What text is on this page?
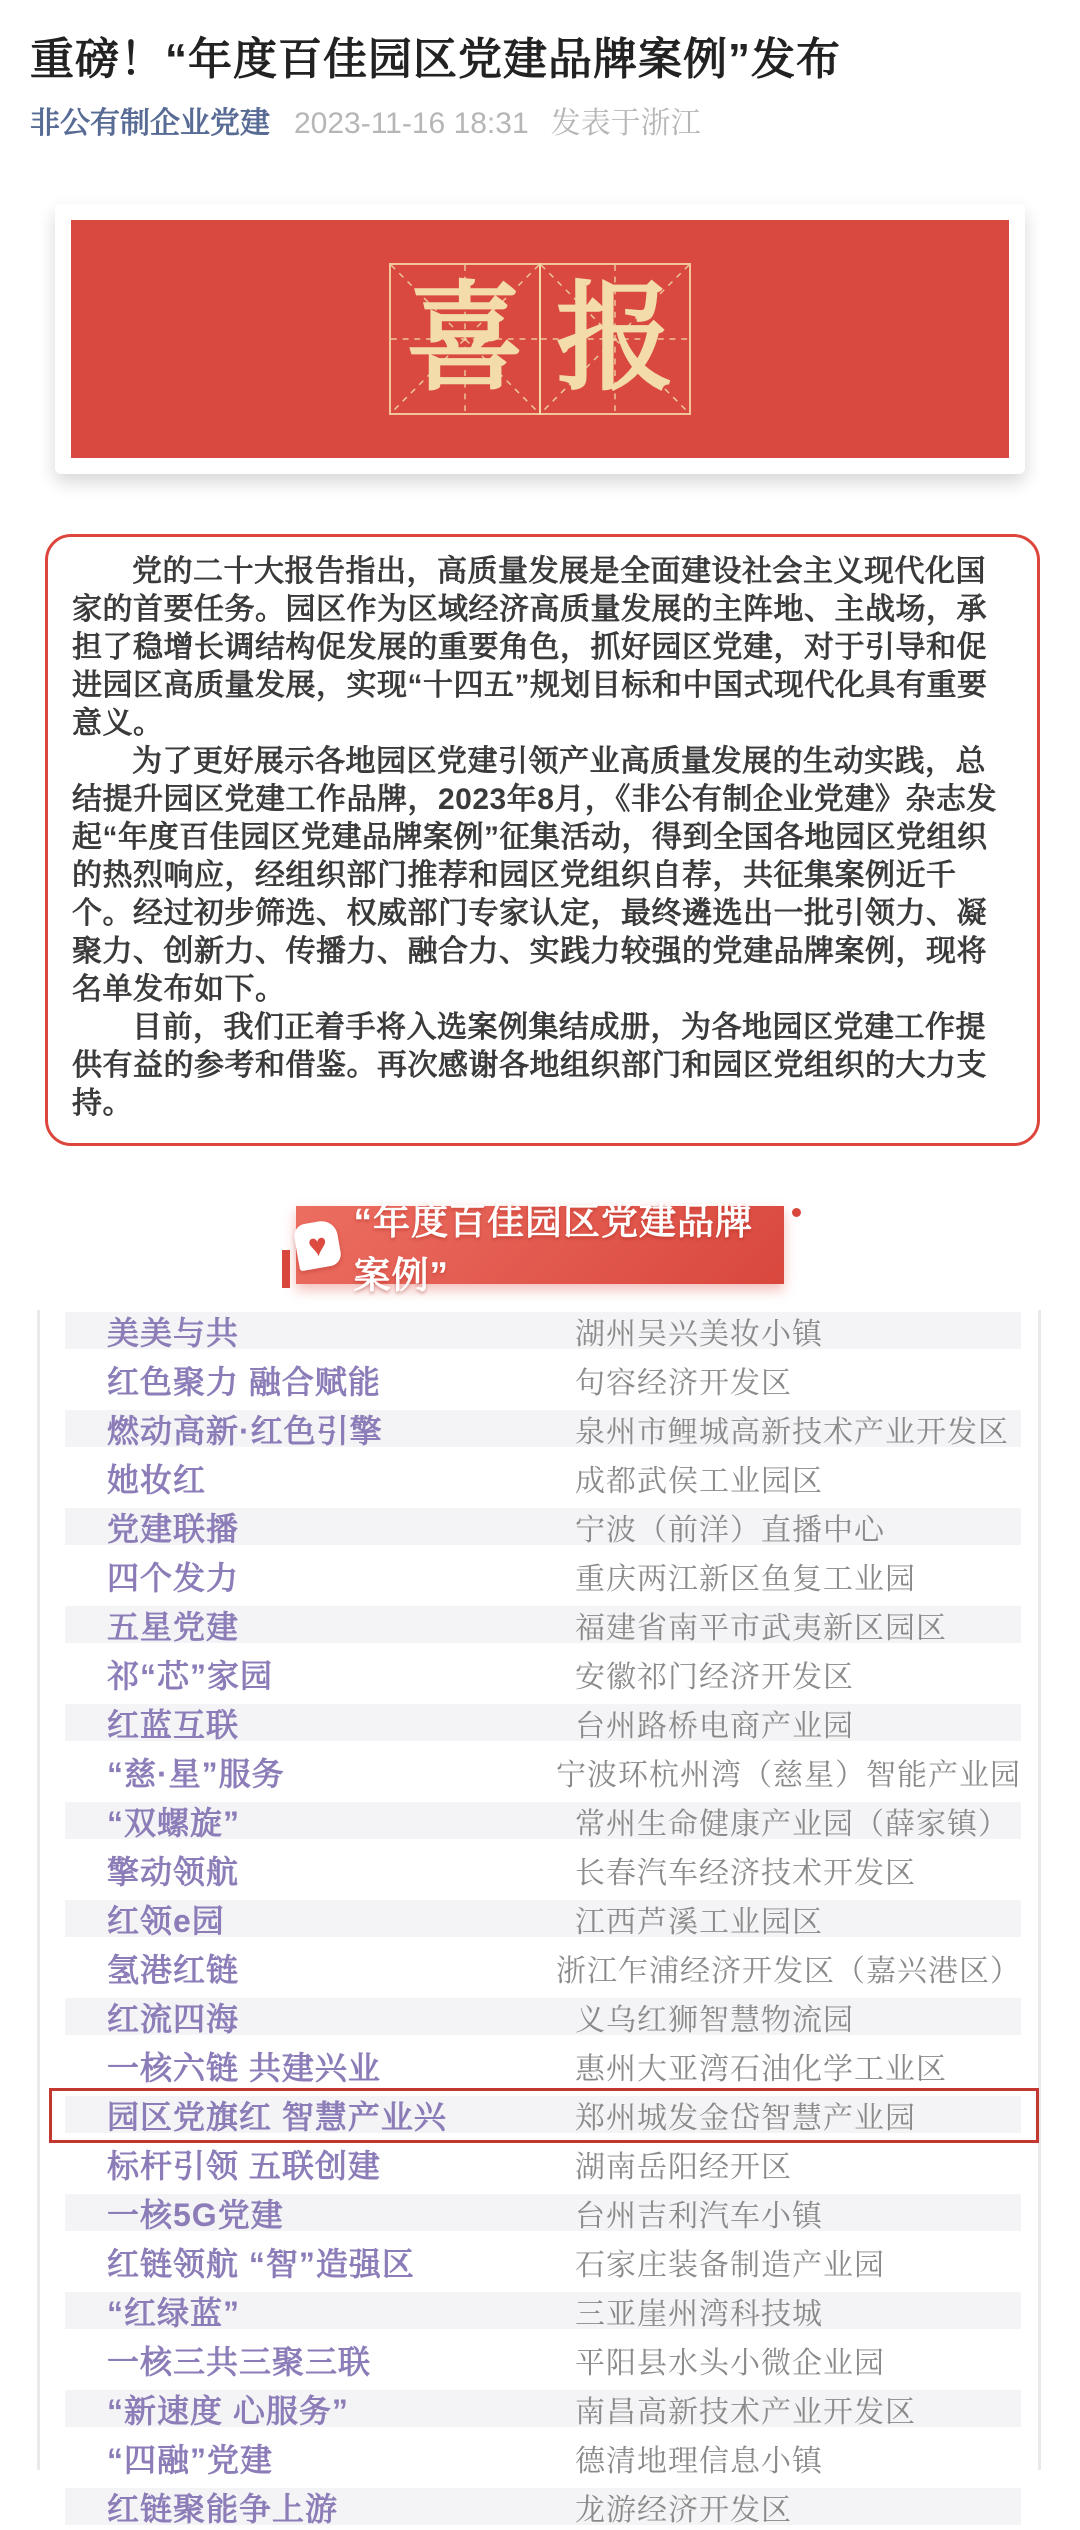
重磅！“年度百佳园区党建品牌案例”发布
非公有制企业党建 2023-11-16 18:31 发表于浙江
喜 报

党的二十大报告指出，高质量发展是全面建设社会主义现代化国家的首要任务。园区作为区域经济高质量发展的主阵地、主战场，承担了稳增长调结构促发展的重要角色，抓好园区党建，对于引导和促进园区高质量发展，实现“十四五”规划目标和中国式现代化具有重要意义。

为了更好展示各地园区党建引领产业高质量发展的生动实践，总结提升园区党建工作品牌，2023年8月，《非公有制企业党建》杂志发起“年度百佳园区党建品牌案例”征集活动，得到全国各地园区党组织的热烈响应，经组织部门推荐和园区党组织自荐，共征集案例近千个。经过初步筛选、权威部门专家认定，最终遴选出一批引领力、凝聚力、创新力、传播力、融合力、实践力较强的党建品牌案例，现将名单发布如下。

目前，我们正着手将入选案例集结成册，为各地园区党建工作提供有益的参考和借鉴。再次感谢各地组织部门和园区党组织的大力支持。

♥
“年度百佳园区党建品牌案例”
美美与共	湖州吴兴美妆小镇
红色聚力 融合赋能	句容经济开发区
燃动高新·红色引擎	泉州市鲤城高新技术产业开发区
她妆红	成都武侯工业园区
党建联播	宁波（前洋）直播中心
四个发力	重庆两江新区鱼复工业园
五星党建	福建省南平市武夷新区园区
祁“芯”家园	安徽祁门经济开发区
红蓝互联	台州路桥电商产业园
“慈·星”服务	宁波环杭州湾（慈星）智能产业园
“双螺旋”	常州生命健康产业园（薛家镇）
擎动领航	长春汽车经济技术开发区
红领e园	江西芦溪工业园区
氢港红链	浙江乍浦经济开发区（嘉兴港区）
红流四海	义乌红狮智慧物流园
一核六链 共建兴业	惠州大亚湾石油化学工业区
园区党旗红 智慧产业兴	郑州城发金岱智慧产业园
标杆引领 五联创建	湖南岳阳经开区
一核5G党建	台州吉利汽车小镇
红链领航 “智”造强区	石家庄装备制造产业园
“红绿蓝”	三亚崖州湾科技城
一核三共三聚三联	平阳县水头小微企业园
“新速度 心服务”	南昌高新技术产业开发区
“四融”党建	德清地理信息小镇
红链聚能争上游	龙游经济开发区
